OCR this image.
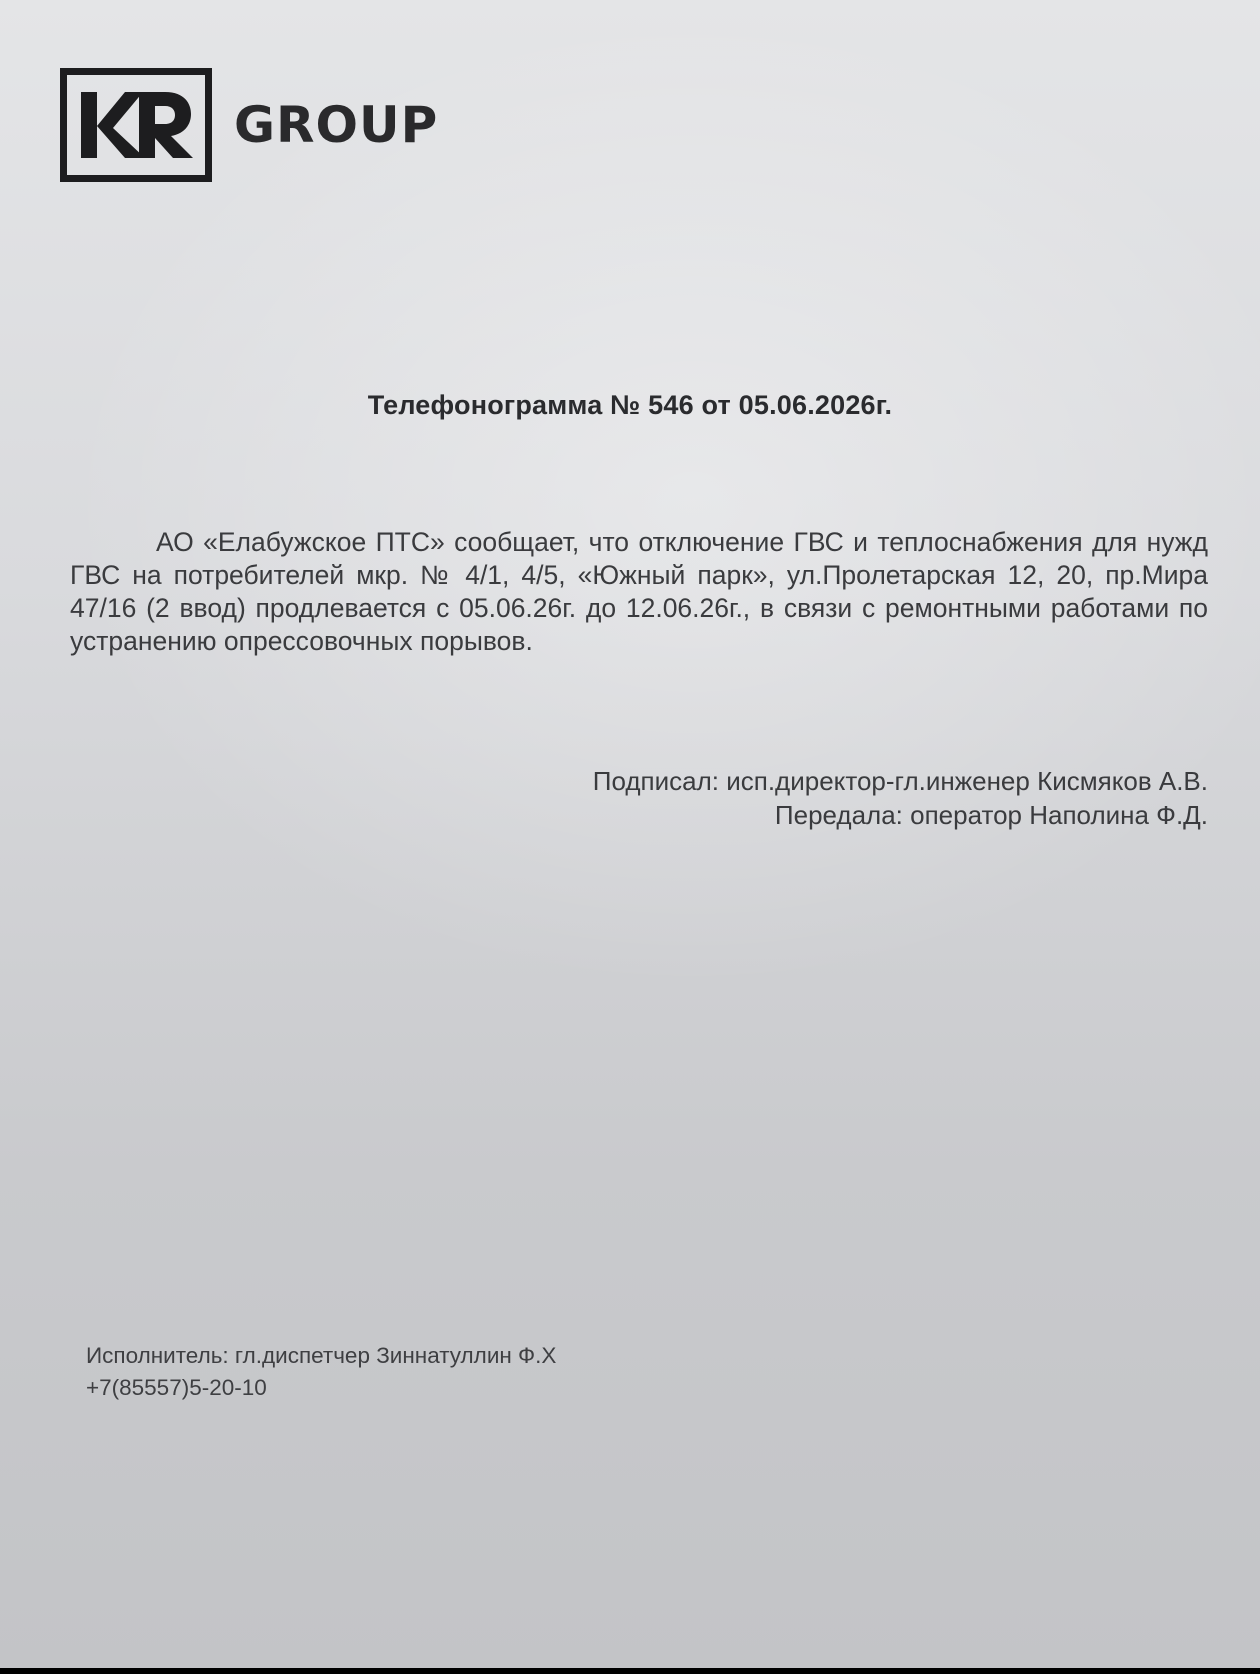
GROUP
Телефонограмма № 546 от 05.06.2026г.
АО «Елабужское ПТС» сообщает, что отключение ГВС и теплоснабжения для нужд ГВС на потребителей мкр. № 4/1, 4/5, «Южный парк», ул.Пролетарская 12, 20, пр.Мира 47/16 (2 ввод) продлевается с 05.06.26г. до 12.06.26г., в связи с ремонтными работами по устранению опрессовочных порывов.
Подписал: исп.директор-гл.инженер Кисмяков А.В.
Передала: оператор Наполина Ф.Д.
Исполнитель: гл.диспетчер Зиннатуллин Ф.Х
+7(85557)5-20-10
